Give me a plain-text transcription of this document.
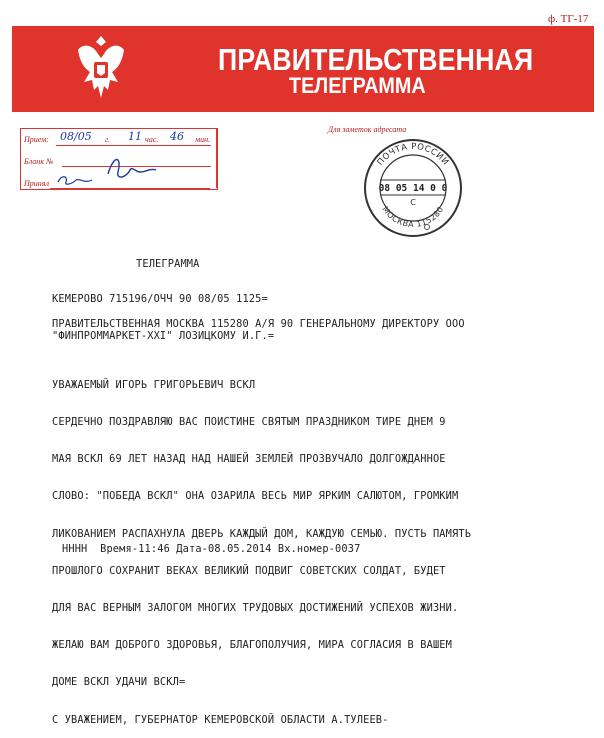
ф. ТГ-17
ПРАВИТЕЛЬСТВЕННАЯ
ТЕЛЕГРАММА
Прием: 08/05 г. 11 час. 46 мин.
Бланк №
Принял
Для заметок адресата
ПОЧТА РОССИИ
МОСКВА 115280
08 05 14 0 0
С
ТЕЛЕГРАММА
КЕМЕРОВО 715196/ОЧЧ 90 08/05 1125=
ПРАВИТЕЛЬСТВЕННАЯ МОСКВА 115280 А/Я 90 ГЕНЕРАЛЬНОМУ ДИРЕКТОРУ ООО
"ФИНПРОММАРКЕТ-XXI" ЛОЗИЦКОМУ И.Г.=

УВАЖАЕМЫЙ ИГОРЬ ГРИГОРЬЕВИЧ ВСКЛ

СЕРДЕЧНО ПОЗДРАВЛЯЮ ВАС ПОИСТИНЕ СВЯТЫМ ПРАЗДНИКОМ ТИРЕ ДНЕМ 9

МАЯ ВСКЛ 69 ЛЕТ НАЗАД НАД НАШЕЙ ЗЕМЛЕЙ ПРОЗВУЧАЛО ДОЛГОЖДАННОЕ

СЛОВО: "ПОБЕДА ВСКЛ" ОНА ОЗАРИЛА ВЕСЬ МИР ЯРКИМ САЛЮТОМ, ГРОМКИМ

ЛИКОВАНИЕМ РАСПАХНУЛА ДВЕРЬ КАЖДЫЙ ДОМ, КАЖДУЮ СЕМЬЮ. ПУСТЬ ПАМЯТЬ

ПРОШЛОГО СОХРАНИТ ВЕКАХ ВЕЛИКИЙ ПОДВИГ СОВЕТСКИХ СОЛДАТ, БУДЕТ

ДЛЯ ВАС ВЕРНЫМ ЗАЛОГОМ МНОГИХ ТРУДОВЫХ ДОСТИЖЕНИЙ УСПЕХОВ ЖИЗНИ.

ЖЕЛАЮ ВАМ ДОБРОГО ЗДОРОВЬЯ, БЛАГОПОЛУЧИЯ, МИРА СОГЛАСИЯ В ВАШЕМ

ДОМЕ ВСКЛ УДАЧИ ВСКЛ=

С УВАЖЕНИЕМ, ГУБЕРНАТОР КЕМЕРОВСКОЙ ОБЛАСТИ А.ТУЛЕЕВ-

НННН  Время-11:46 Дата-08.05.2014 Вх.номер-0037
